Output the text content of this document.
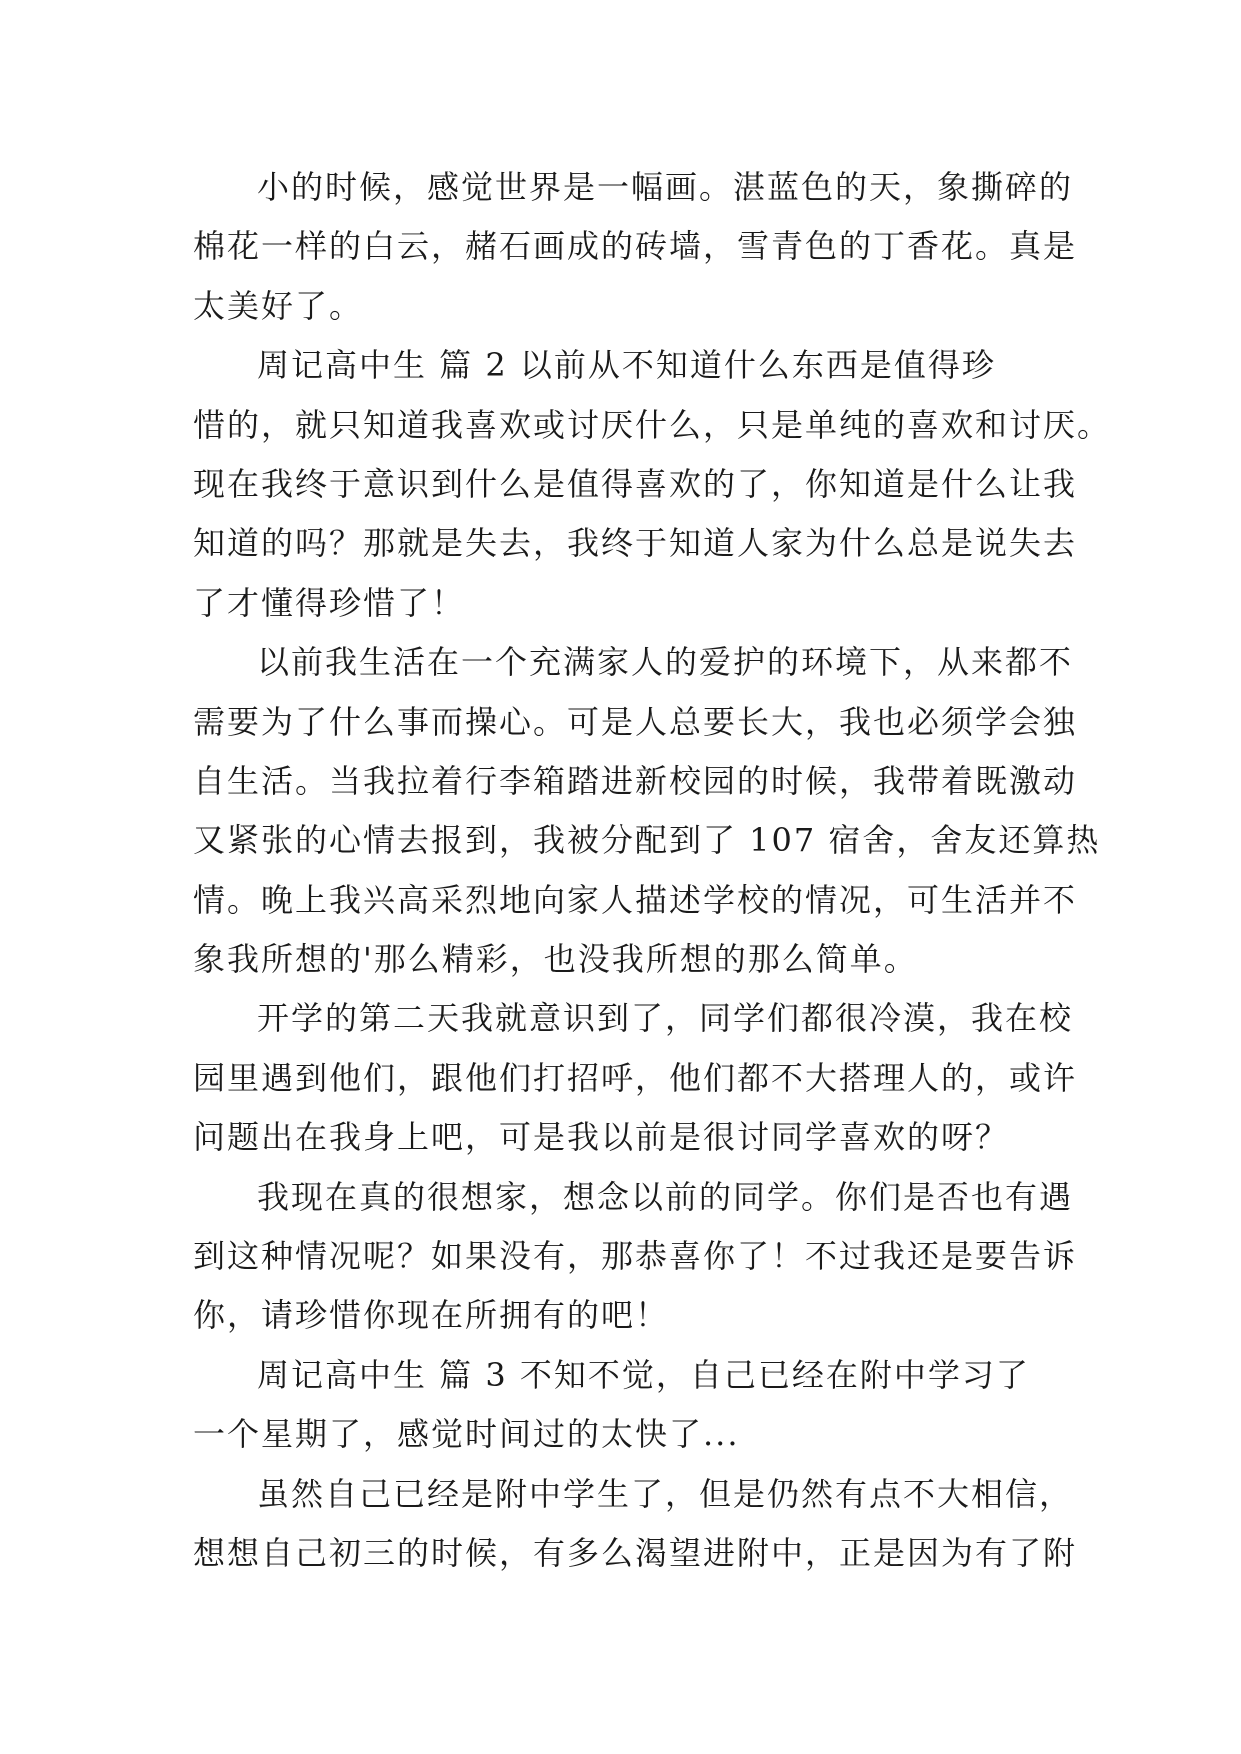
小的时候，感觉世界是一幅画。湛蓝色的天，象撕碎的
棉花一样的白云，赭石画成的砖墙，雪青色的丁香花。真是
太美好了。
周记高中生 篇 2 以前从不知道什么东西是值得珍
惜的，就只知道我喜欢或讨厌什么，只是单纯的喜欢和讨厌。
现在我终于意识到什么是值得喜欢的了，你知道是什么让我
知道的吗？那就是失去，我终于知道人家为什么总是说失去
了才懂得珍惜了！
以前我生活在一个充满家人的爱护的环境下，从来都不
需要为了什么事而操心。可是人总要长大，我也必须学会独
自生活。当我拉着行李箱踏进新校园的时候，我带着既激动
又紧张的心情去报到，我被分配到了 107 宿舍，舍友还算热
情。晚上我兴高采烈地向家人描述学校的情况，可生活并不
象我所想的'那么精彩，也没我所想的那么简单。
开学的第二天我就意识到了，同学们都很冷漠，我在校
园里遇到他们，跟他们打招呼，他们都不大搭理人的，或许
问题出在我身上吧，可是我以前是很讨同学喜欢的呀？
我现在真的很想家，想念以前的同学。你们是否也有遇
到这种情况呢？如果没有，那恭喜你了！不过我还是要告诉
你，请珍惜你现在所拥有的吧！
周记高中生 篇 3 不知不觉，自己已经在附中学习了
一个星期了，感觉时间过的太快了...
虽然自己已经是附中学生了，但是仍然有点不大相信，
想想自己初三的时候，有多么渴望进附中，正是因为有了附
